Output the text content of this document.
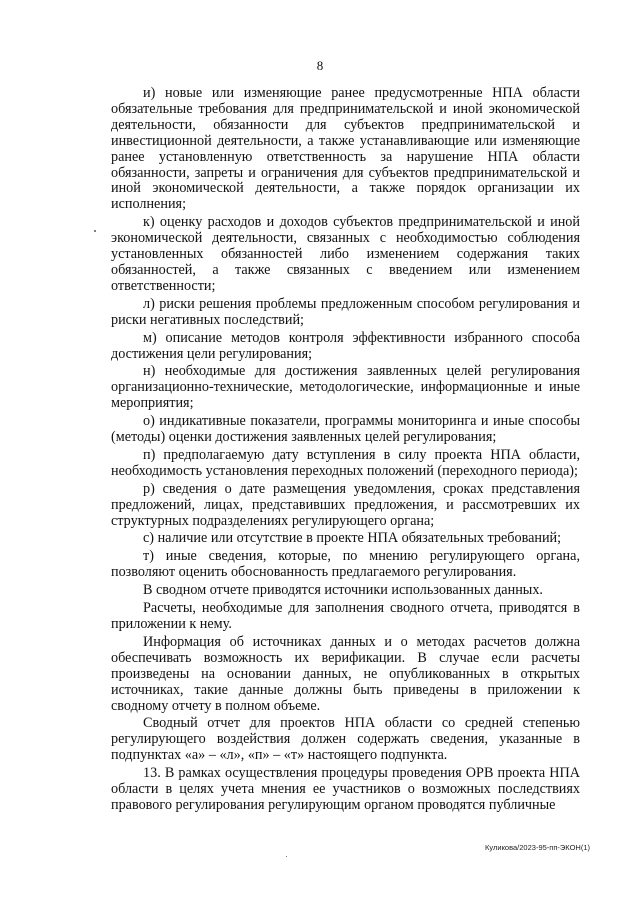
8

и) новые или изменяющие ранее предусмотренные НПА области обязательные требования для предпринимательской и иной экономической деятельности, обязанности для субъектов предпринимательской и инвестиционной деятельности, а также устанавливающие или изменяющие ранее установленную ответственность за нарушение НПА области обязанности, запреты и ограничения для субъектов предпринимательской и иной экономической деятельности, а также порядок организации их исполнения;

к) оценку расходов и доходов субъектов предпринимательской и иной экономической деятельности, связанных с необходимостью соблюдения установленных обязанностей либо изменением содержания таких обязанностей, а также связанных с введением или изменением ответственности;

л) риски решения проблемы предложенным способом регулирования и риски негативных последствий;

м) описание методов контроля эффективности избранного способа достижения цели регулирования;

н) необходимые для достижения заявленных целей регулирования организационно-технические, методологические, информационные и иные мероприятия;

о) индикативные показатели, программы мониторинга и иные способы (методы) оценки достижения заявленных целей регулирования;

п) предполагаемую дату вступления в силу проекта НПА области, необходимость установления переходных положений (переходного периода);

р) сведения о дате размещения уведомления, сроках представления предложений, лицах, представивших предложения, и рассмотревших их структурных подразделениях регулирующего органа;

с) наличие или отсутствие в проекте НПА обязательных требований;

т) иные сведения, которые, по мнению регулирующего органа, позволяют оценить обоснованность предлагаемого регулирования.

В сводном отчете приводятся источники использованных данных.

Расчеты, необходимые для заполнения сводного отчета, приводятся в приложении к нему.

Информация об источниках данных и о методах расчетов должна обеспечивать возможность их верификации. В случае если расчеты произведены на основании данных, не опубликованных в открытых источниках, такие данные должны быть приведены в приложении к сводному отчету в полном объеме.

Сводный отчет для проектов НПА области со средней степенью регулирующего воздействия должен содержать сведения, указанные в подпунктах «а» – «л», «п» – «т» настоящего подпункта.

13. В рамках осуществления процедуры проведения ОРВ проекта НПА области в целях учета мнения ее участников о возможных последствиях правового регулирования регулирующим органом проводятся публичные

Куликова/2023-95-пп-ЭКОН(1)
